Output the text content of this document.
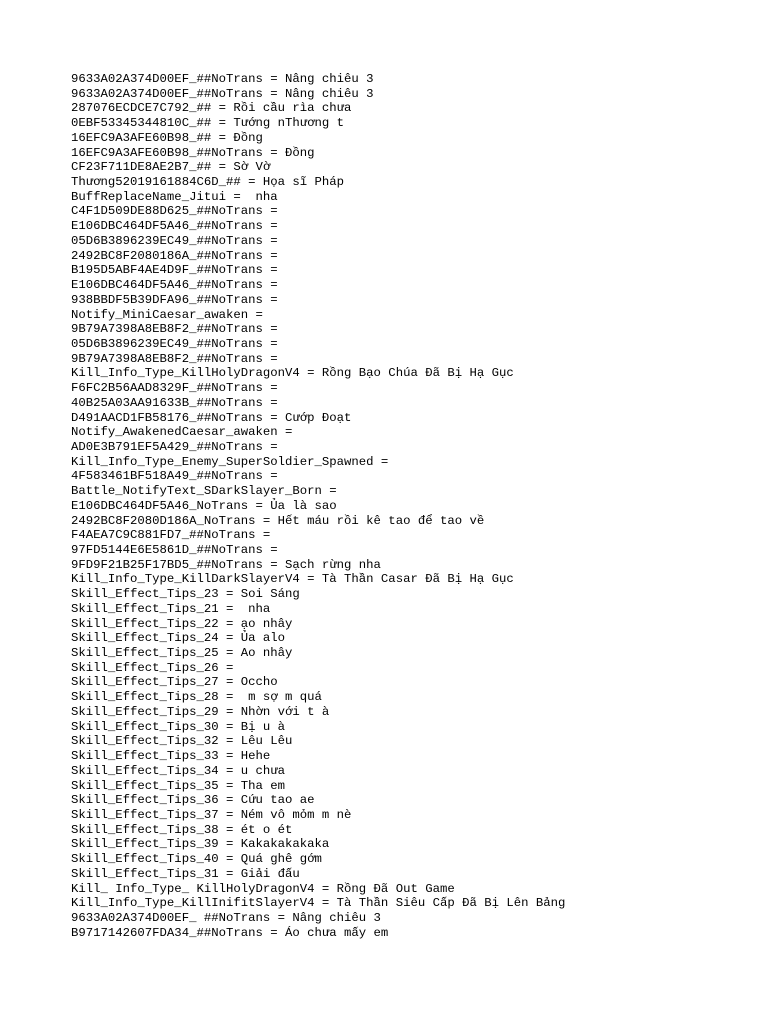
9633A02A374D00EF_##NoTrans = Nâng chiêu 3
9633A02A374D00EF_##NoTrans = Nâng chiêu 3
287076ECDCE7C792_## = Rồi cầu rìa chưa
0EBF53345344810C_## = Tướng nThương t
16EFC9A3AFE60B98_## = Đồng
16EFC9A3AFE60B98_##NoTrans = Đồng
CF23F711DE8AE2B7_## = Sờ Vờ
Thương52019161884C6D_## = Họa sĩ Pháp
BuffReplaceName_Jitui =  nha
C4F1D509DE88D625_##NoTrans =
E106DBC464DF5A46_##NoTrans =
05D6B3896239EC49_##NoTrans =
2492BC8F2080186A_##NoTrans =
B195D5ABF4AE4D9F_##NoTrans =
E106DBC464DF5A46_##NoTrans =
938BBDF5B39DFA96_##NoTrans =
Notify_MiniCaesar_awaken =
9B79A7398A8EB8F2_##NoTrans =
05D6B3896239EC49_##NoTrans =
9B79A7398A8EB8F2_##NoTrans =
Kill_Info_Type_KillHolyDragonV4 = Rồng Bạo Chúa Đã Bị Hạ Gục
F6FC2B56AAD8329F_##NoTrans =
40B25A03AA91633B_##NoTrans =
D491AACD1FB58176_##NoTrans = Cướp Đoạt
Notify_AwakenedCaesar_awaken =
AD0E3B791EF5A429_##NoTrans =
Kill_Info_Type_Enemy_SuperSoldier_Spawned =
4F583461BF518A49_##NoTrans =
Battle_NotifyText_SDarkSlayer_Born =
E106DBC464DF5A46_NoTrans = Ủa là sao
2492BC8F2080D186A_NoTrans = Hết máu rồi kê tao để tao về
F4AEA7C9C881FD7_##NoTrans =
97FD5144E6E5861D_##NoTrans =
9FD9F21B25F17BD5_##NoTrans = Sạch rừng nha
Kill_Info_Type_KillDarkSlayerV4 = Tà Thần Casar Đã Bị Hạ Gục
Skill_Effect_Tips_23 = Soi Sáng
Skill_Effect_Tips_21 =  nha
Skill_Effect_Tips_22 = ạo nhây
Skill_Effect_Tips_24 = Ủa alo
Skill_Effect_Tips_25 = Ao nhây
Skill_Effect_Tips_26 =
Skill_Effect_Tips_27 = Occho
Skill_Effect_Tips_28 =  m sợ m quá
Skill_Effect_Tips_29 = Nhờn với t à
Skill_Effect_Tips_30 = Bị u à
Skill_Effect_Tips_32 = Lêu Lêu
Skill_Effect_Tips_33 = Hehe
Skill_Effect_Tips_34 = u chưa
Skill_Effect_Tips_35 = Tha em
Skill_Effect_Tips_36 = Cứu tao ae
Skill_Effect_Tips_37 = Ném vô mỏm m nè
Skill_Effect_Tips_38 = ét o ét
Skill_Effect_Tips_39 = Kakakakakaka
Skill_Effect_Tips_40 = Quá ghê gớm
Skill_Effect_Tips_31 = Giải đấu
Kill_ Info_Type_ KillHolyDragonV4 = Rồng Đã Out Game
Kill_Info_Type_KillInifitSlayerV4 = Tà Thần Siêu Cấp Đã Bị Lên Bảng
9633A02A374D00EF_ ##NoTrans = Nâng chiêu 3
B9717142607FDA34_##NoTrans = Áo chưa mấy em
